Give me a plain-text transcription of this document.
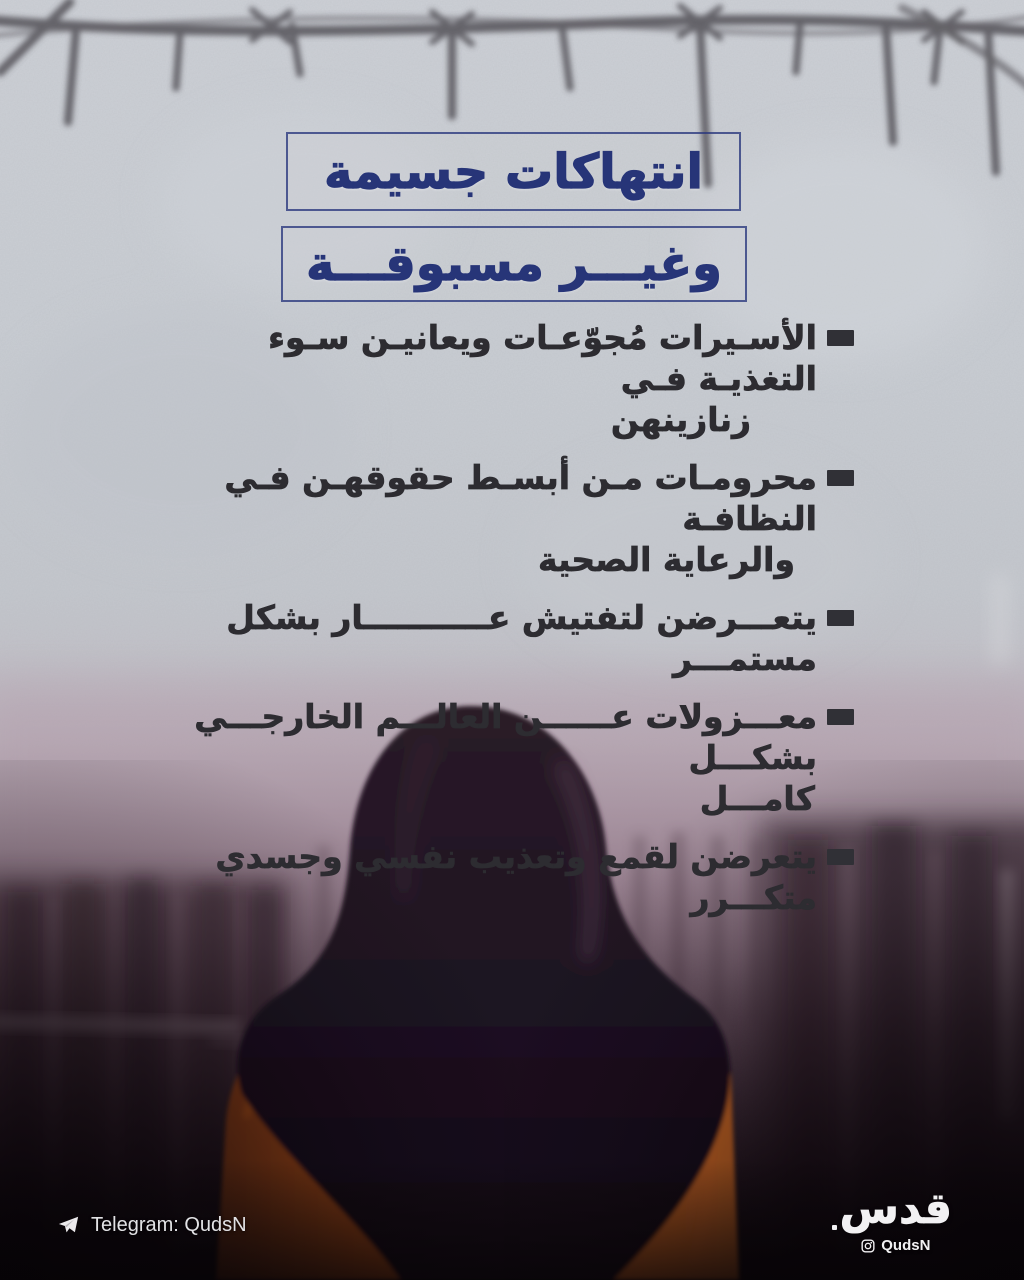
انتهاكات جسيمة
وغيـــر مسبوقـــة
الأسـيرات مُجوّعـات ويعانيـن سـوء التغذيـة فـي
زنازينهن
محرومـات مـن أبسـط حقوقهـن فـي النظافـة
والرعاية الصحية
يتعـــرضن لتفتيش عـــــــــــار بشكل مستمـــر
معـــزولات عــــــن العالـــم الخارجـــي بشكـــل
كامـــل
يتعرضن لقمع وتعذيب نفسي وجسدي متكـــرر
Telegram: QudsN	قدس
QudsN
